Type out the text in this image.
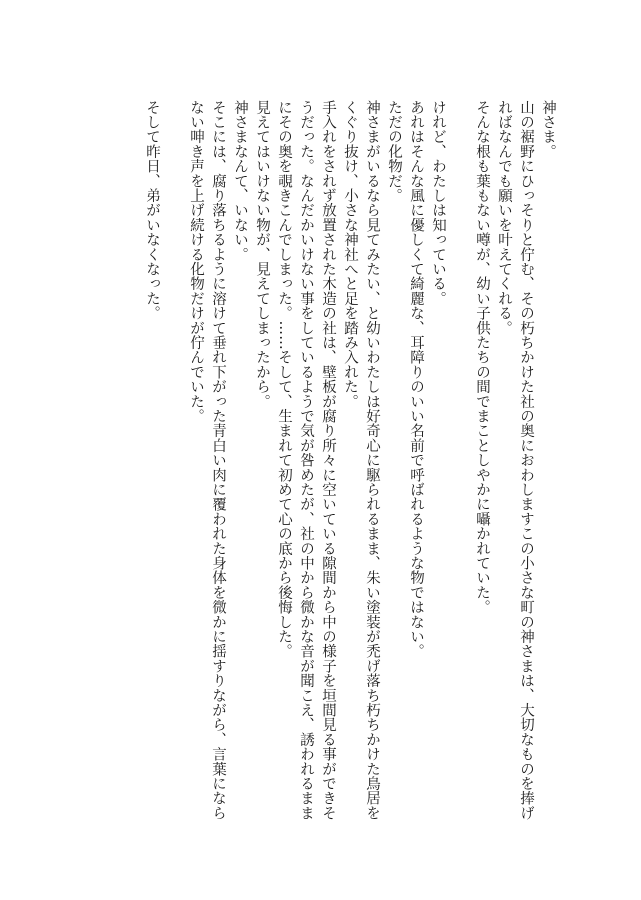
神さま。

山の裾野にひっそりと佇む、その朽ちかけた社の奥におわしますこの小さな町の神さまは、大切なものを捧げればなんでも願いを叶えてくれる。

そんな根も葉もない噂が、幼い子供たちの間でまことしやかに囁かれていた。

けれど、わたしは知っている。

あれはそんな風に優しくて綺麗な、耳障りのいい名前で呼ばれるような物ではない。

ただの化物だ。

神さまがいるなら見てみたい、と幼いわたしは好奇心に駆られるまま、朱い塗装が禿げ落ち朽ちかけた鳥居をくぐり抜け、小さな神社へと足を踏み入れた。

手入れをされず放置された木造の社は、壁板が腐り所々に空いている隙間から中の様子を垣間見る事ができそうだった。なんだかいけない事をしているようで気が咎めたが、社の中から微かな音が聞こえ、誘われるままにその奥を覗きこんでしまった。……そして、生まれて初めて心の底から後悔した。

見えてはいけない物が、見えてしまったから。

神さまなんて、いない。

そこには、腐り落ちるように溶けて垂れ下がった青白い肉に覆われた身体を微かに揺すりながら、言葉にならない呻き声を上げ続ける化物だけが佇んでいた。

そして昨日、弟がいなくなった。
